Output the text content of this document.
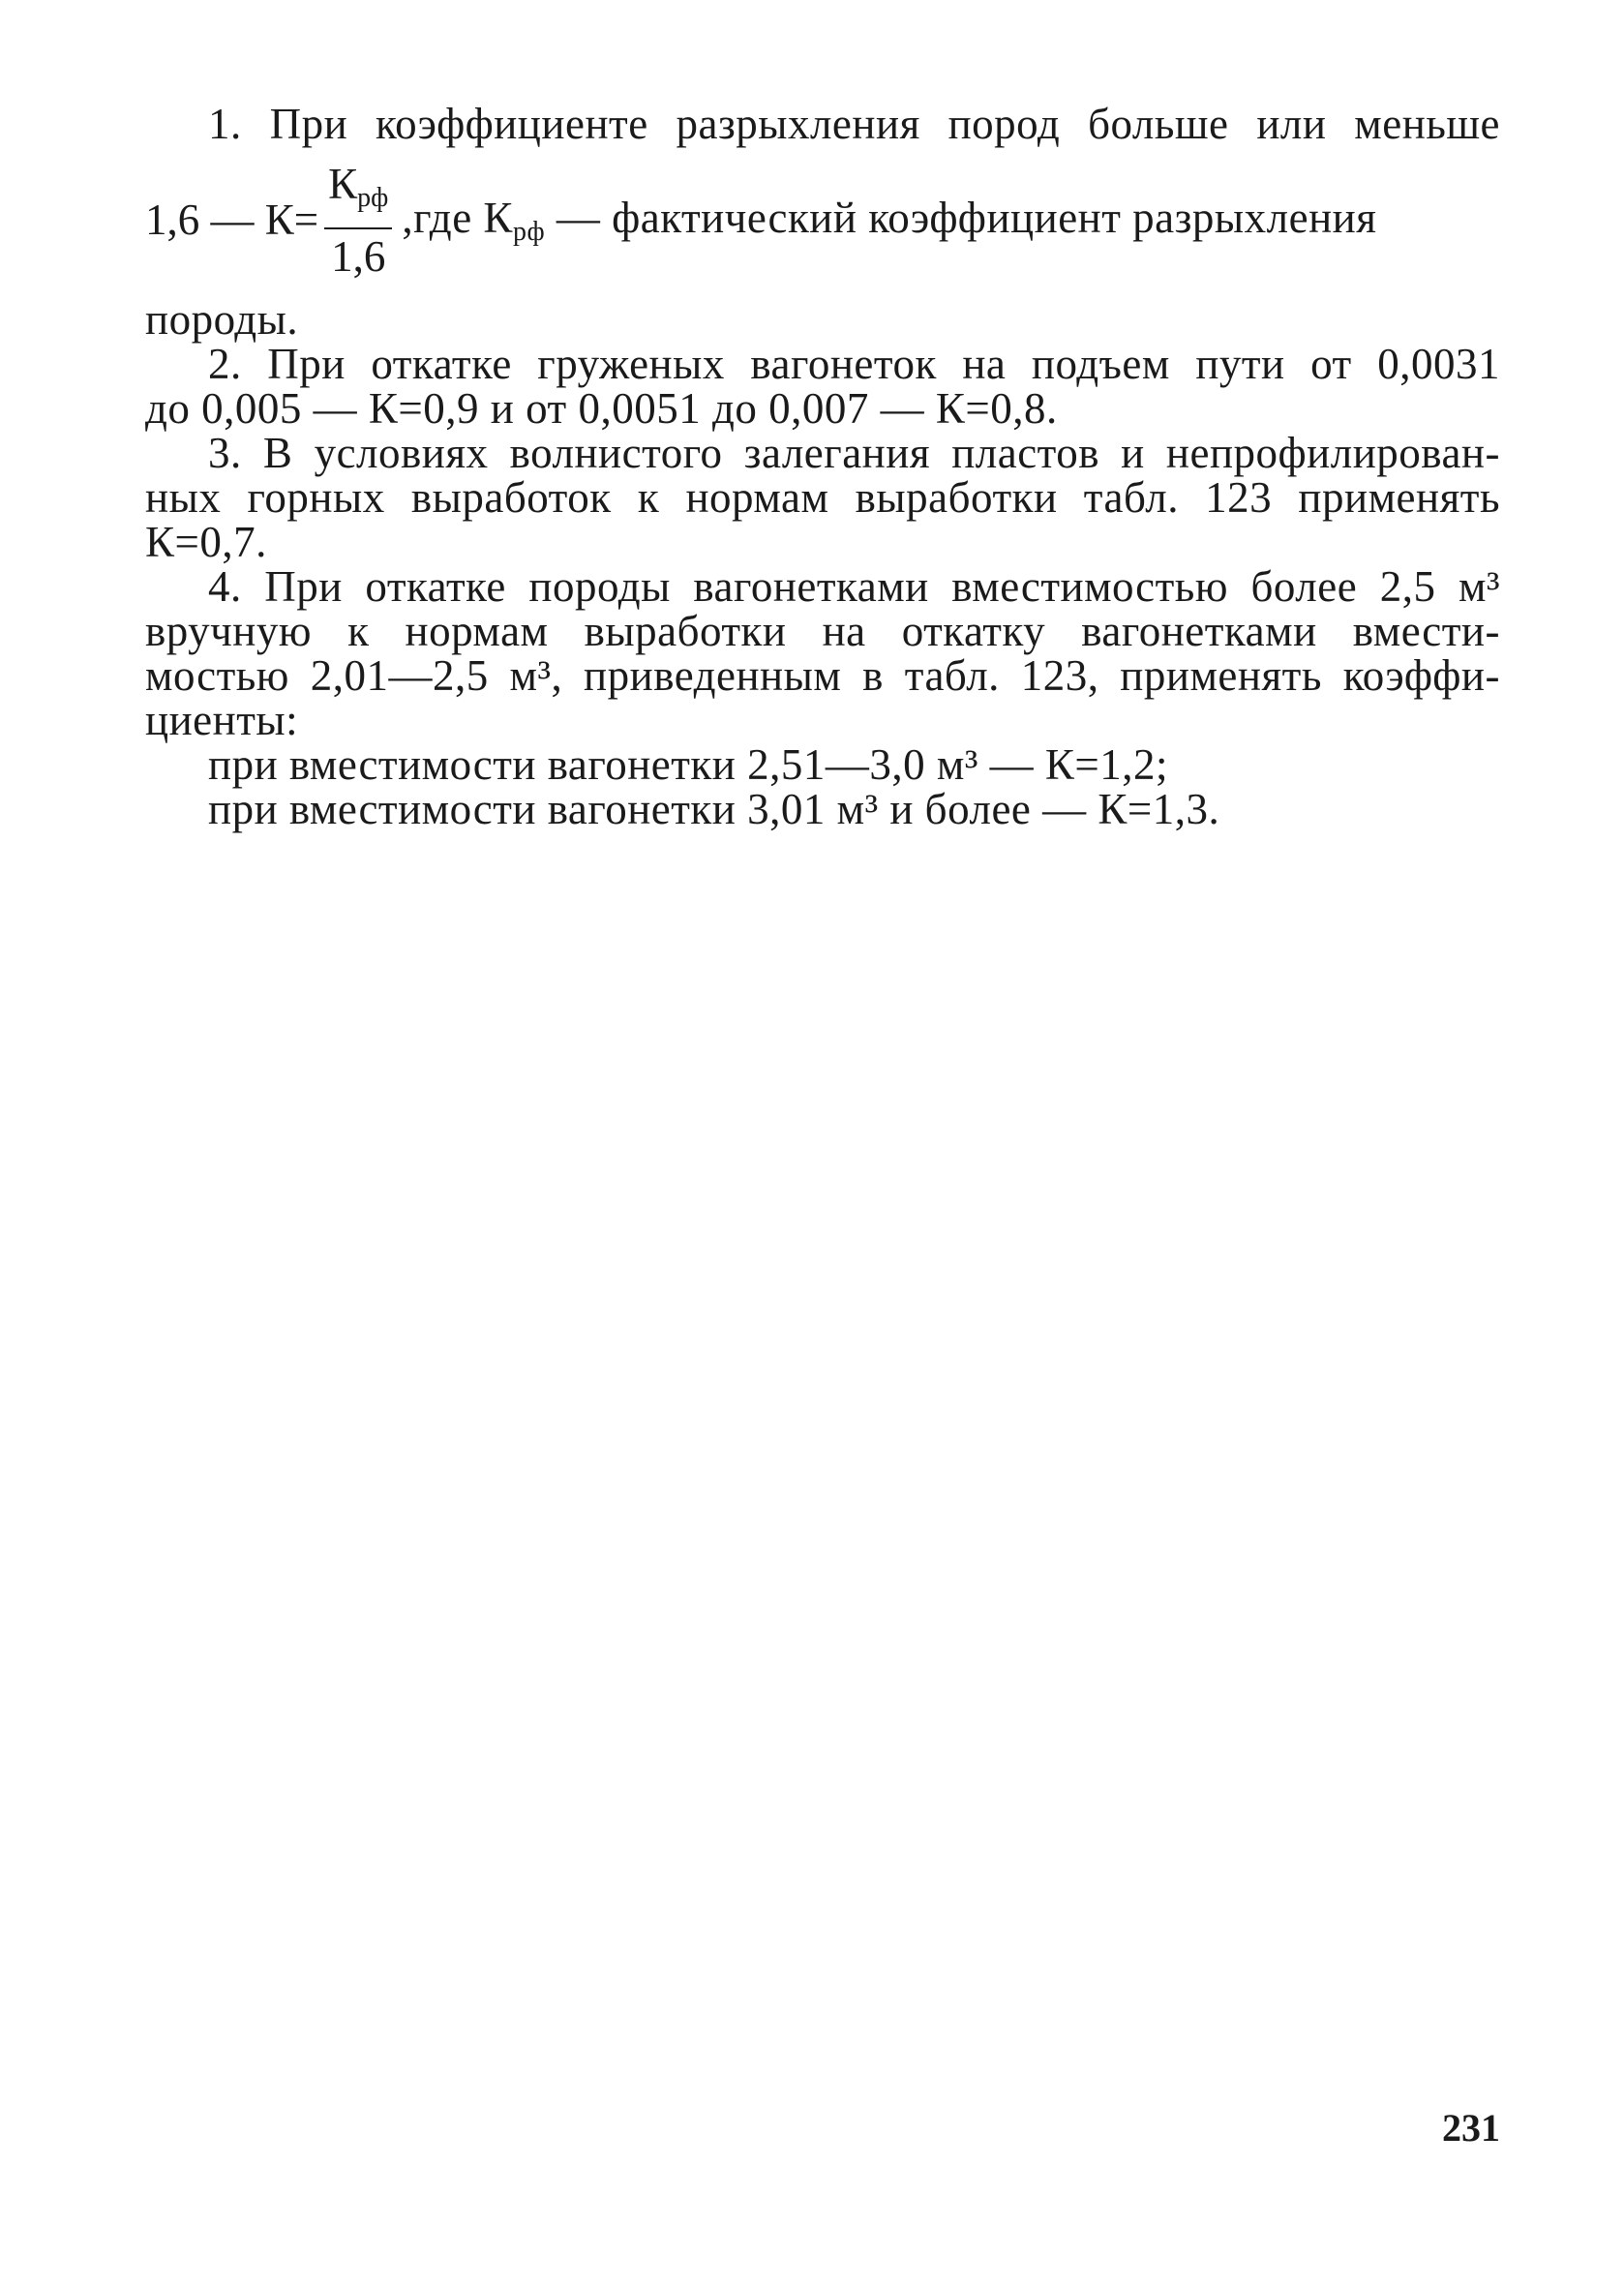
1. При коэффициенте разрыхления пород больше или меньше
1,6 — $К= \frac{К_{рф}}{1,6} ,где$ $К_{рф}$ — фактический коэффициент разрыхления
породы.
2. При откатке груженых вагонеток на подъем пути от 0,0031
до 0,005 — К=0,9 и от 0,0051 до 0,007 — К=0,8.
3. В условиях волнистого залегания пластов и непрофилирован-
ных горных выработок к нормам выработки табл. 123 применять
К=0,7.
4. При откатке породы вагонетками вместимостью более 2,5 м³
вручную к нормам выработки на откатку вагонетками вмести-
мостью 2,01—2,5 м³, приведенным в табл. 123, применять коэффи-
циенты:
при вместимости вагонетки 2,51—3,0 м³ — К=1,2;
при вместимости вагонетки 3,01 м³ и более — К=1,3.
231
